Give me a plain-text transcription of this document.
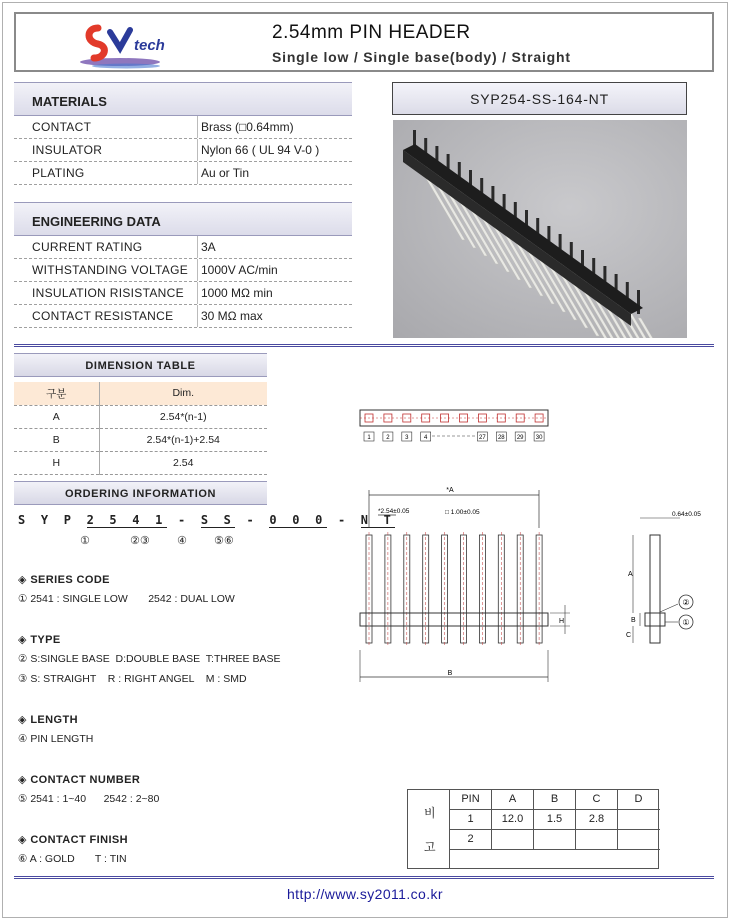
tech
2.54mm PIN HEADER
Single low / Single base(body) / Straight
MATERIALS
CONTACT	Brass (□0.64mm)
INSULATOR	Nylon 66 ( UL 94 V-0 )
PLATING	Au or Tin
ENGINEERING DATA
CURRENT RATING	3A
WITHSTANDING VOLTAGE	1000V AC/min
INSULATION RISISTANCE	1000 MΩ min
CONTACT RESISTANCE	30 MΩ max
SYP254-SS-164-NT
DIMENSION TABLE
구분	Dim.
A	2.54*(n-1)
B	2.54*(n-1)+2.54
H	2.54
ORDERING INFORMATION
S Y P 2 5 4 1 - S S - 0 0 0 - N T
①	②③ ④ ⑤⑥
◈ SERIES CODE
① 2541 : SINGLE LOW       2542 : DUAL LOW
◈ TYPE
② S:SINGLE BASE  D:DOUBLE BASE  T:THREE BASE
③ S: STRAIGHT    R : RIGHT ANGEL    M : SMD
◈ LENGTH
④ PIN LENGTH
◈ CONTACT NUMBER
⑤ 2541 : 1~40      2542 : 2~80
◈ CONTACT FINISH
⑥ A : GOLD       T : TIN
1	2	3	4	27 28 29 30
*A
*2.54±0.05	□ 1.00±0.05
H
B
0.64±0.05
A
B
C
②
①
비
고
PIN	A	B	C	D
1	12.0	1.5	2.8
2
http://www.sy2011.co.kr
